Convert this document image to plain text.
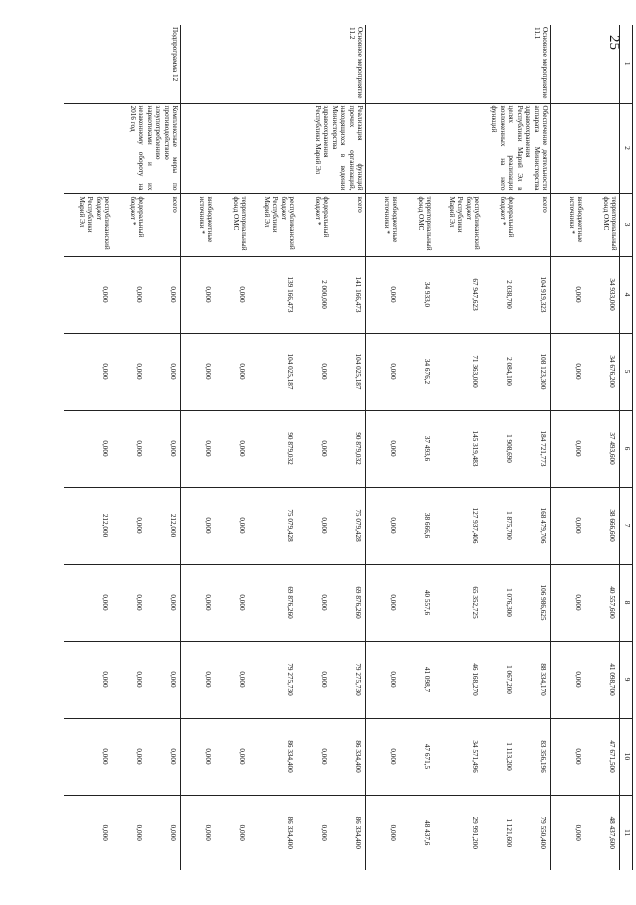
25
1	2	3	4	5	6	7	8	9	10	11
		территориальный фонд ОМС	34 933,000	34 676,200	37 493,600	38 666,600	40 557,600	41 098,700	47 671,500	48 437,600
		внебюджетные источники *	0,000	0,000	0,000	0,000	0,000	0,000	0,000	0,000
Основное мероприятие 11.1	Обеспечение деятельности аппарата Министерства здравоохранения Республики Марий Эл в целях реализации возложенных на него функций	всего	104 919,323	108 123,300	184 721,773	168 479,706	106 986,625	88 334,170	83 356,196	79 550,400
		федеральный бюджет *	2 038,700	2 084,100	1 908,690	1 875,700	1 076,300	1 067,200	1 113,200	1 121,600
		республиканский бюджет Республики Марий Эл	67 947,623	71 363,000	145 319,483	127 937,406	65 352,725	46 168,270	34 571,496	29 991,200
		территориальный фонд ОМС	34 933,0	34 676,2	37 493,6	38 666,6	40 557,6	41 098,7	47 671,5	48 437,6
		внебюджетные источники *	0,000	0,000	0,000	0,000	0,000	0,000	0,000	0,000
Основное мероприятие 11.2	Реализация функций прочих организаций, находящихся в ведении Министерства здравоохранения Республики Марий Эл	всего	141 166,473	104 025,187	90 879,032	75 079,428	69 876,260	79 275,730	86 334,400	86 334,400
		федеральный бюджет *	2 000,000	0,000	0,000	0,000	0,000	0,000	0,000	0,000
		республиканский бюджет Республики Марий Эл	139 166,473	104 025,187	90 879,032	75 079,428	69 876,260	79 275,730	86 334,400	86 334,400
		территориальный фонд ОМС	0,000	0,000	0,000	0,000	0,000	0,000	0,000	0,000
		внебюджетные источники *	0,000	0,000	0,000	0,000	0,000	0,000	0,000	0,000
Подпрограмма 12	Комплексные меры по противодействию злоупотреблению наркотиками и их незаконному обороту на 2016 год	всего	0,000	0,000	0,000	212,000	0,000	0,000	0,000	0,000
		федеральный бюджет *	0,000	0,000	0,000	0,000	0,000	0,000	0,000	0,000
		республиканский бюджет Республики Марий Эл	0,000	0,000	0,000	212,000	0,000	0,000	0,000	0,000
